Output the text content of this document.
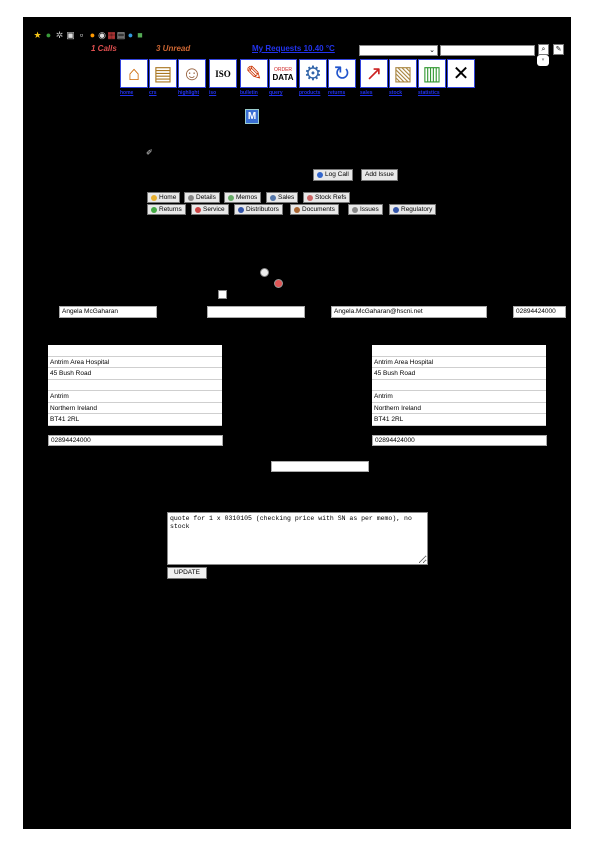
★ ● ✲ ▣ ▫ ● ◉ ▦ ▤ ● ■
1 Calls	3 Unread	My Requests 10.40 °C	⌄	⌕	✎
▾
⌂
home
▤
crs
☺
highlight
ISO
iso
✎
bulletin
ORDER
DATA
query
⚙
products
↻
returns
↗
sales
▧
stock
▥
statistics
✕
M
✐
Log Call Add Issue
Home	Details	Memos	Sales	Stock Refs
Returns	Service	Distributors	Documents	Issues	Regulatory
Angela McGaharan	Angela.McGaharan@hscni.net	02894424000
Antrim Area Hospital
45 Bush Road
Antrim
Northern Ireland
BT41 2RL
Antrim Area Hospital
45 Bush Road
Antrim
Northern Ireland
BT41 2RL
02894424000	02894424000
quote for 1 x 0310105 (checking price with SN as per memo), no stock
UPDATE
